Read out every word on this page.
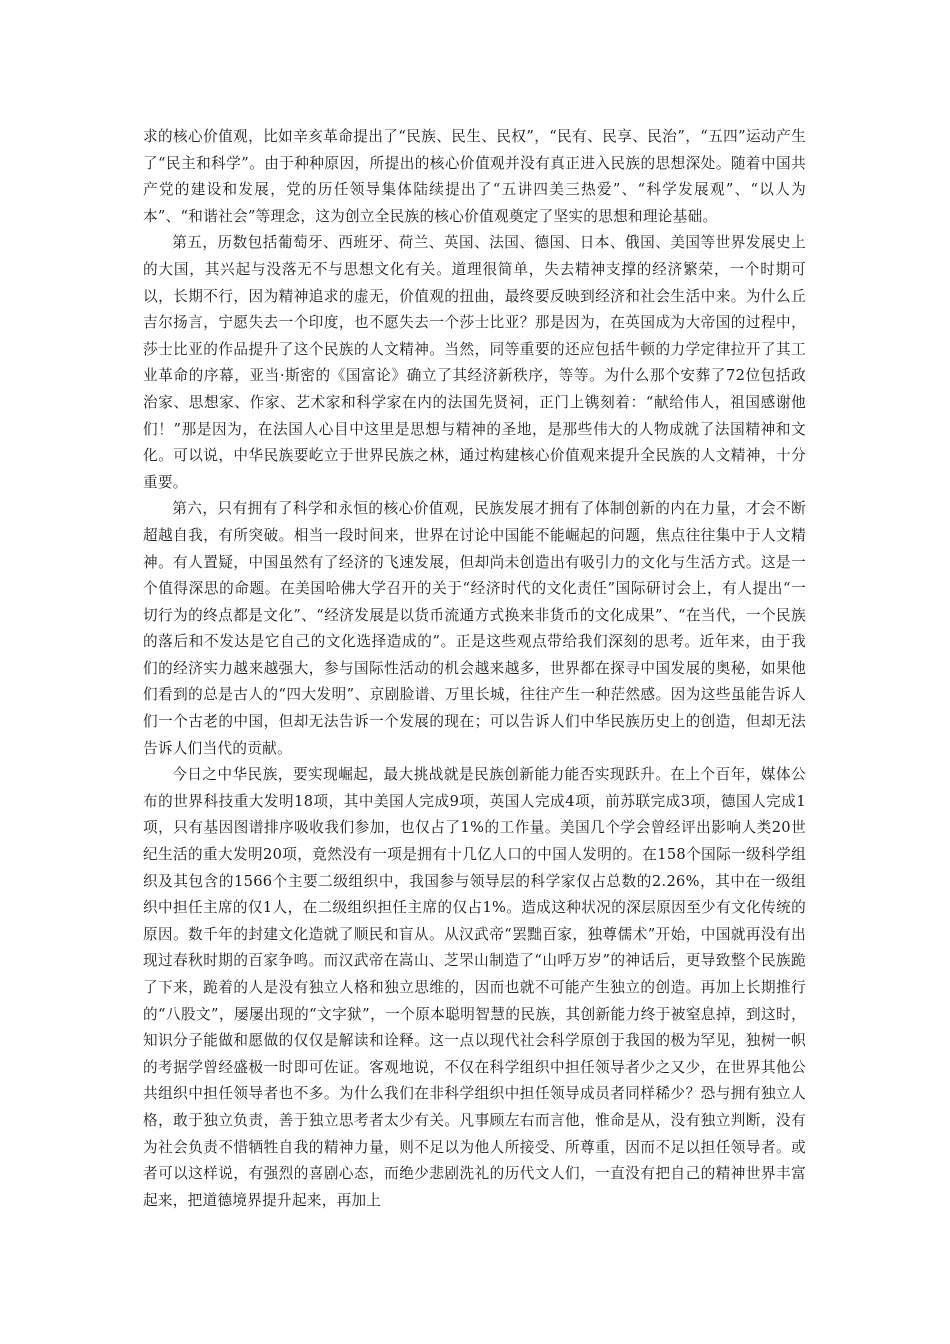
求的核心价值观，比如辛亥革命提出了“民族、民生、民权”，“民有、民享、民治”，“五四”运动产生了“民主和科学”。由于种种原因，所提出的核心价值观并没有真正进入民族的思想深处。随着中国共产党的建设和发展，党的历任领导集体陆续提出了“五讲四美三热爱”、“科学发展观”、“以人为本”、“和谐社会”等理念，这为创立全民族的核心价值观奠定了坚实的思想和理论基础。

第五，历数包括葡萄牙、西班牙、荷兰、英国、法国、德国、日本、俄国、美国等世界发展史上的大国，其兴起与没落无不与思想文化有关。道理很简单，失去精神支撑的经济繁荣，一个时期可以，长期不行，因为精神追求的虚无，价值观的扭曲，最终要反映到经济和社会生活中来。为什么丘吉尔扬言，宁愿失去一个印度，也不愿失去一个莎士比亚？那是因为，在英国成为大帝国的过程中，莎士比亚的作品提升了这个民族的人文精神。当然，同等重要的还应包括牛顿的力学定律拉开了其工业革命的序幕，亚当·斯密的《国富论》确立了其经济新秩序，等等。为什么那个安葬了72位包括政治家、思想家、作家、艺术家和科学家在内的法国先贤祠，正门上镌刻着：“献给伟人，祖国感谢他们！”那是因为，在法国人心目中这里是思想与精神的圣地，是那些伟大的人物成就了法国精神和文化。可以说，中华民族要屹立于世界民族之林，通过构建核心价值观来提升全民族的人文精神，十分重要。

第六，只有拥有了科学和永恒的核心价值观，民族发展才拥有了体制创新的内在力量，才会不断超越自我，有所突破。相当一段时间来，世界在讨论中国能不能崛起的问题，焦点往往集中于人文精神。有人置疑，中国虽然有了经济的飞速发展，但却尚未创造出有吸引力的文化与生活方式。这是一个值得深思的命题。在美国哈佛大学召开的关于“经济时代的文化责任”国际研讨会上，有人提出“一切行为的终点都是文化”、“经济发展是以货币流通方式换来非货币的文化成果”、“在当代，一个民族的落后和不发达是它自己的文化选择造成的”。正是这些观点带给我们深刻的思考。近年来，由于我们的经济实力越来越强大，参与国际性活动的机会越来越多，世界都在探寻中国发展的奥秘，如果他们看到的总是古人的“四大发明”、京剧脸谱、万里长城，往往产生一种茫然感。因为这些虽能告诉人们一个古老的中国，但却无法告诉一个发展的现在；可以告诉人们中华民族历史上的创造，但却无法告诉人们当代的贡献。

今日之中华民族，要实现崛起，最大挑战就是民族创新能力能否实现跃升。在上个百年，媒体公布的世界科技重大发明18项，其中美国人完成9项，英国人完成4项，前苏联完成3项，德国人完成1项，只有基因图谱排序吸收我们参加，也仅占了1%的工作量。美国几个学会曾经评出影响人类20世纪生活的重大发明20项，竟然没有一项是拥有十几亿人口的中国人发明的。在158个国际一级科学组织及其包含的1566个主要二级组织中，我国参与领导层的科学家仅占总数的2.26%，其中在一级组织中担任主席的仅1人，在二级组织担任主席的仅占1%。造成这种状况的深层原因至少有文化传统的原因。数千年的封建文化造就了顺民和盲从。从汉武帝“罢黜百家，独尊儒术”开始，中国就再没有出现过春秋时期的百家争鸣。而汉武帝在嵩山、芝罘山制造了“山呼万岁”的神话后，更导致整个民族跪了下来，跪着的人是没有独立人格和独立思维的，因而也就不可能产生独立的创造。再加上长期推行的“八股文”，屡屡出现的“文字狱”，一个原本聪明智慧的民族，其创新能力终于被窒息掉，到这时，知识分子能做和愿做的仅仅是解读和诠释。这一点以现代社会科学原创于我国的极为罕见，独树一帜的考据学曾经盛极一时即可佐证。客观地说，不仅在科学组织中担任领导者少之又少，在世界其他公共组织中担任领导者也不多。为什么我们在非科学组织中担任领导成员者同样稀少？恐与拥有独立人格，敢于独立负责，善于独立思考者太少有关。凡事顾左右而言他，惟命是从，没有独立判断，没有为社会负责不惜牺牲自我的精神力量，则不足以为他人所接受、所尊重，因而不足以担任领导者。或者可以这样说，有强烈的喜剧心态，而绝少悲剧洗礼的历代文人们，一直没有把自己的精神世界丰富起来，把道德境界提升起来，再加上
